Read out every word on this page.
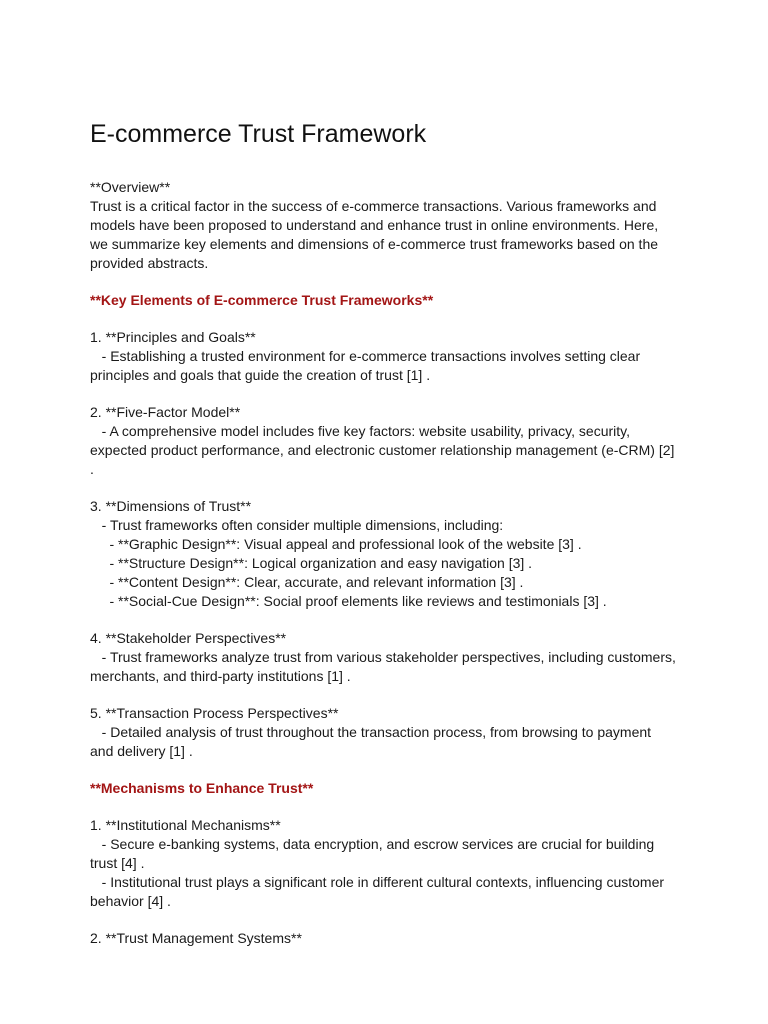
E-commerce Trust Framework

**Overview**

Trust is a critical factor in the success of e-commerce transactions. Various frameworks and models have been proposed to understand and enhance trust in online environments. Here, we summarize key elements and dimensions of e-commerce trust frameworks based on the provided abstracts.

**Key Elements of E-commerce Trust Frameworks**

1. **Principles and Goals**

- Establishing a trusted environment for e-commerce transactions involves setting clear principles and goals that guide the creation of trust [1] .

2. **Five-Factor Model**

- A comprehensive model includes five key factors: website usability, privacy, security, expected product performance, and electronic customer relationship management (e-CRM) [2] .

3. **Dimensions of Trust**

- Trust frameworks often consider multiple dimensions, including:

- **Graphic Design**: Visual appeal and professional look of the website [3] .

- **Structure Design**: Logical organization and easy navigation [3] .

- **Content Design**: Clear, accurate, and relevant information [3] .

- **Social-Cue Design**: Social proof elements like reviews and testimonials [3] .

4. **Stakeholder Perspectives**

- Trust frameworks analyze trust from various stakeholder perspectives, including customers, merchants, and third-party institutions [1] .

5. **Transaction Process Perspectives**

- Detailed analysis of trust throughout the transaction process, from browsing to payment and delivery [1] .

**Mechanisms to Enhance Trust**

1. **Institutional Mechanisms**

- Secure e-banking systems, data encryption, and escrow services are crucial for building trust [4] .

- Institutional trust plays a significant role in different cultural contexts, influencing customer behavior [4] .

2. **Trust Management Systems**
